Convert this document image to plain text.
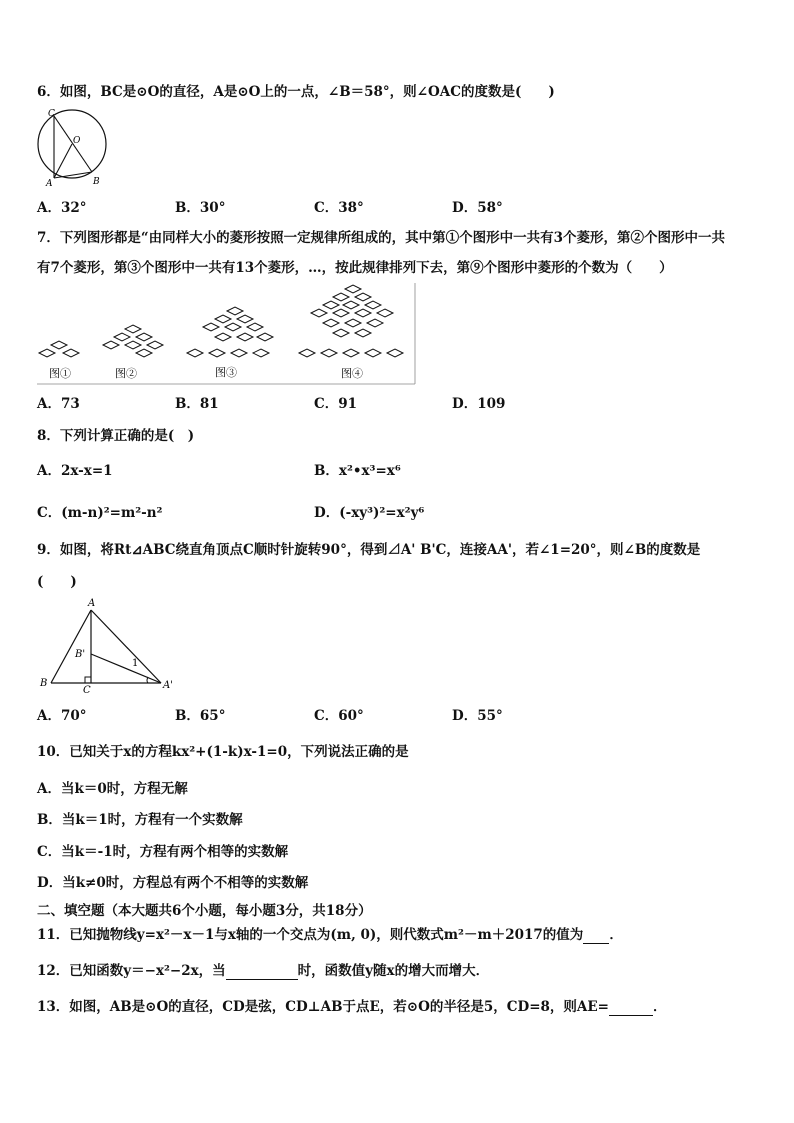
6．如图，BC是⊙O的直径，A是⊙O上的一点，∠B＝58°，则∠OAC的度数是(　　)
C
O
A	B
A．32°	B．30°	C．38°	D．58°
7．下列图形都是“由同样大小的菱形按照一定规律所组成的，其中第①个图形中一共有3个菱形，第②个图形中一共
有7个菱形，第③个图形中一共有13个菱形，…，按此规律排列下去，第⑨个图形中菱形的个数为（　　）
图①	图②	图③	图④
A．73	B．81	C．91	D．109
8．下列计算正确的是(　)
A．2x-x=1	B．x²•x³=x⁶
C．(m-n)²=m²-n²	D．(-xy³)²=x²y⁶
9．如图，将Rt⊿ABC绕直角顶点C顺时针旋转90°，得到⊿A' B'C，连接AA'，若∠1=20°，则∠B的度数是
(　　)
A
B'
1
B
C	A'
A．70°	B．65°	C．60°	D．55°
10．已知关于x的方程kx²+(1-k)x-1=0，下列说法正确的是
A．当k＝0时，方程无解
B．当k＝1时，方程有一个实数解
C．当k＝-1时，方程有两个相等的实数解
D．当k≠0时，方程总有两个不相等的实数解
二、填空题（本大题共6个小题，每小题3分，共18分）
11．已知抛物线y=x²－x－1与x轴的一个交点为(m, 0)，则代数式m²－m＋2017的值为 ．
12．已知函数y＝−x²−2x，当	时，函数值y随x的增大而增大．
13．如图，AB是⊙O的直径，CD是弦，CD⊥AB于点E，若⊙O的半径是5，CD=8，则AE=	．
